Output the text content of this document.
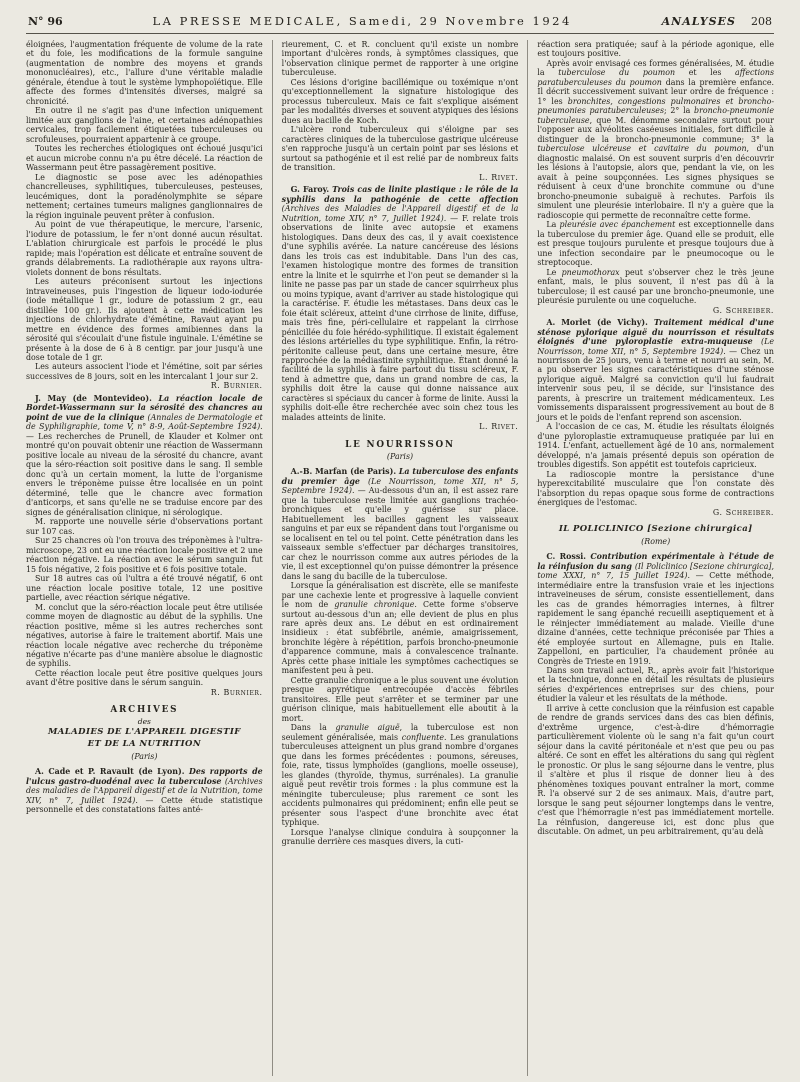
N° 96	LA PRESSE MEDICALE, Samedi, 29 Novembre 1924	ANALYSES 208

éloignées, l'augmentation fréquente de volume de la rate et du foie, les modifications de la formule sanguine (augmentation de nombre des moyens et grands mononucléaires), etc., l'allure d'une véritable maladie générale, étendue à tout le système lymphopoïétique. Elle affecte des formes d'intensités diverses, malgré sa chronicité.

En outre il ne s'agit pas d'une infection uniquement limitée aux ganglions de l'aine, et certaines adénopathies cervicales, trop facilement étiquetées tuberculeuses ou scrofuleuses, pourraient appartenir à ce groupe.

Toutes les recherches étiologiques ont échoué jusqu'ici et aucun microbe connu n'a pu être décelé. La réaction de Wassermann peut être passagèrement positive.

Le diagnostic se pose avec les adénopathies chancrelleuses, syphilitiques, tuberculeuses, pesteuses, leucémiques, dont la poradénolymphite se sépare nettement; certaines tumeurs malignes ganglionnaires de la région inguinale peuvent prêter à confusion.

Au point de vue thérapeutique, le mercure, l'arsenic, l'iodure de potassium, le fer n'ont donné aucun résultat. L'ablation chirurgicale est parfois le procédé le plus rapide; mais l'opération est délicate et entraîne souvent de grands délabrements. La radiothérapie aux rayons ultra-violets donnent de bons résultats.

Les auteurs préconisent surtout les injections intraveineuses, puis l'ingestion de liqueur iodo-iodurée (iode métallique 1 gr., iodure de potassium 2 gr., eau distillée 100 gr.). Ils ajoutent à cette médication les injections de chlorhydrate d'émétine, Ravaut ayant pu mettre en évidence des formes amibiennes dans la sérosité qui s'écoulait d'une fistule inguinale. L'émétine se présente à la dose de 6 à 8 centigr. par jour jusqu'à une dose totale de 1 gr.

Les auteurs associent l'iode et l'émétine, soit par séries successives de 8 jours, soit en les intercalant 1 jour sur 2.

R. Burnier.

J. May (de Montevideo). La réaction locale de Bordet-Wassermann sur la sérosité des chancres au point de vue de la clinique (Annales de Dermatologie et de Syphiligraphie, tome V, n° 8-9, Août-Septembre 1924). — Les recherches de Prunell, de Klauder et Kolmer ont montré qu'on pouvait obtenir une réaction de Wassermann positive locale au niveau de la sérosité du chancre, avant que la séro-réaction soit positive dans le sang. Il semble donc qu'à un certain moment, la lutte de l'organisme envers le tréponème puisse être localisée en un point déterminé, telle que le chancre avec formation d'anticorps, et sans qu'elle ne se traduise encore par des signes de généralisation clinique, ni sérologique.

M. rapporte une nouvelle série d'observations portant sur 107 cas.

Sur 25 chancres où l'on trouva des tréponèmes à l'ultra-microscope, 23 ont eu une réaction locale positive et 2 une réaction négative. La réaction avec le sérum sanguin fut 15 fois négative, 2 fois positive et 6 fois positive totale.

Sur 18 autres cas où l'ultra a été trouvé négatif, 6 ont une réaction locale positive totale, 12 une positive partielle, avec réaction sérique négative.

M. conclut que la séro-réaction locale peut être utilisée comme moyen de diagnostic au début de la syphilis. Une réaction positive, même si les autres recherches sont négatives, autorise à faire le traitement abortif. Mais une réaction locale négative avec recherche du tréponème négative n'écarte pas d'une manière absolue le diagnostic de syphilis.

Cette réaction locale peut être positive quelques jours avant d'être positive dans le sérum sanguin.

R. Burnier.

ARCHIVES
des
MALADIES DE L'APPAREIL DIGESTIF
ET DE LA NUTRITION
(Paris)

A. Cade et P. Ravault (de Lyon). Des rapports de l'ulcus gastro-duodénal avec la tuberculose (Archives des maladies de l'Appareil digestif et de la Nutrition, tome XIV, n° 7, Juillet 1924). — Cette étude statistique personnelle et des constatations faites anté-

rieurement, C. et R. concluent qu'il existe un nombre important d'ulcères ronds, à symptômes classiques, que l'observation clinique permet de rapporter à une origine tuberculeuse.

Ces lésions d'origine bacillémique ou toxémique n'ont qu'exceptionnellement la signature histologique des processus tuberculeux. Mais ce fait s'explique aisément par les modalités diverses et souvent atypiques des lésions dues au bacille de Koch.

L'ulcère rond tuberculeux qui s'éloigne par ses caractères cliniques de la tuberculose gastrique ulcéreuse s'en rapproche jusqu'à un certain point par ses lésions et surtout sa pathogénie et il est relié par de nombreux faits de transition.

L. Rivet.

G. Faroy. Trois cas de linite plastique : le rôle de la syphilis dans la pathogénie de cette affection (Archives des Maladies de l'Appareil digestif et de la Nutrition, tome XIV, n° 7, Juillet 1924). — F. relate trois observations de linite avec autopsie et examens histologiques. Dans deux des cas, il y avait coexistence d'une syphilis avérée. La nature cancéreuse des lésions dans les trois cas est indubitable. Dans l'un des cas, l'examen histologique montre des formes de transition entre la linite et le squirrhe et l'on peut se demander si la linite ne passe pas par un stade de cancer squirrheux plus ou moins typique, avant d'arriver au stade histologique qui la caractérise. F. étudie les métastases. Dans deux cas le foie était scléreux, atteint d'une cirrhose de linite, diffuse, mais très fine, péri-cellulaire et rappelant la cirrhose pénicillée du foie hérédo-syphilitique. Il existait également des lésions artérielles du type syphilitique. Enfin, la rétro-péritonite calleuse peut, dans une certaine mesure, être rapprochée de la médiastinite syphilitique. Étant donné la facilité de la syphilis à faire partout du tissu scléreux, F. tend à admettre que, dans un grand nombre de cas, la syphilis doit être la cause qui donne naissance aux caractères si spéciaux du cancer à forme de linite. Aussi la syphilis doit-elle être recherchée avec soin chez tous les malades atteints de linite.

L. Rivet.

LE NOURRISSON
(Paris)

A.-B. Marfan (de Paris). La tuberculose des enfants du premier âge (Le Nourrisson, tome XII, n° 5, Septembre 1924). — Au-dessous d'un an, il est assez rare que la tuberculose reste limitée aux ganglions trachéo-bronchiques et qu'elle y guérisse sur place. Habituellement les bacilles gagnent les vaisseaux sanguins et par eux se répandent dans tout l'organisme ou se localisent en tel ou tel point. Cette pénétration dans les vaisseaux semble s'effectuer par décharges transitoires, car chez le nourrisson comme aux autres périodes de la vie, il est exceptionnel qu'on puisse démontrer la présence dans le sang du bacille de la tuberculose.

Lorsque la généralisation est discrète, elle se manifeste par une cachexie lente et progressive à laquelle convient le nom de granulie chronique. Cette forme s'observe surtout au-dessous d'un an; elle devient de plus en plus rare après deux ans. Le début en est ordinairement insidieux : état subfébrile, anémie, amaigrissement, bronchite légère à répétition, parfois broncho-pneumonie d'apparence commune, mais à convalescence traînante. Après cette phase initiale les symptômes cachectiques se manifestent peu à peu.

Cette granulie chronique a le plus souvent une évolution presque apyrétique entrecoupée d'accès fébriles transitoires. Elle peut s'arrêter et se terminer par une guérison clinique, mais habituellement elle aboutit à la mort.

Dans la granulie aiguë, la tuberculose est non seulement généralisée, mais confluente. Les granulations tuberculeuses atteignent un plus grand nombre d'organes que dans les formes précédentes : poumons, séreuses, foie, rate, tissus lymphoïdes (ganglions, moelle osseuse), les glandes (thyroïde, thymus, surrénales). La granulie aiguë peut revêtir trois formes : la plus commune est la méningite tuberculeuse; plus rarement ce sont les accidents pulmonaires qui prédominent; enfin elle peut se présenter sous l'aspect d'une bronchite avec état typhique.

Lorsque l'analyse clinique conduira à soupçonner la granulie derrière ces masques divers, la cuti-

réaction sera pratiquée; sauf à la période agonique, elle est toujours positive.

Après avoir envisagé ces formes généralisées, M. étudie la tuberculose du poumon et les affections paratuberculeuses du poumon dans la première enfance. Il décrit successivement suivant leur ordre de fréquence : 1° les bronchites, congestions pulmonaires et broncho-pneumonies paratuberculeuses; 2° la broncho-pneumonie tuberculeuse, que M. dénomme secondaire surtout pour l'opposer aux alvéolites caséeuses initiales, fort difficile à distinguer de la broncho-pneumonie commune; 3° la tuberculose ulcéreuse et cavitaire du poumon, d'un diagnostic malaisé. On est souvent surpris d'en découvrir les lésions à l'autopsie, alors que, pendant la vie, on les avait à peine soupçonnées. Les signes physiques se réduisent à ceux d'une bronchite commune ou d'une broncho-pneumonie subaiguë à rechutes. Parfois ils simulent une pleurésie interlobaire. Il n'y a guère que la radioscopie qui permette de reconnaître cette forme.

La pleurésie avec épanchement est exceptionnelle dans la tuberculose du premier âge. Quand elle se produit, elle est presque toujours purulente et presque toujours due à une infection secondaire par le pneumocoque ou le streptocoque.

Le pneumothorax peut s'observer chez le très jeune enfant, mais, le plus souvent, il n'est pas dû à la tuberculose; il est causé par une broncho-pneumonie, une pleurésie purulente ou une coqueluche.

G. Schreiber.

A. Morlet (de Vichy). Traitement médical d'une sténose pylorique aiguë du nourrisson et résultats éloignés d'une pyloroplastie extra-muqueuse (Le Nourrisson, tome XII, n° 5, Septembre 1924). — Chez un nourrisson de 25 jours, venu à terme et nourri au sein, M. a pu observer les signes caractéristiques d'une sténose pylorique aiguë. Malgré sa conviction qu'il lui faudrait intervenir sous peu, il se décide, sur l'insistance des parents, à prescrire un traitement médicamenteux. Les vomissements disparaissent progressivement au bout de 8 jours et le poids de l'enfant reprend son ascension.

A l'occasion de ce cas, M. étudie les résultats éloignés d'une pyloroplastie extramuqueuse pratiquée par lui en 1914. L'enfant, actuellement âgé de 10 ans, normalement développé, n'a jamais présenté depuis son opération de troubles digestifs. Son appétit est toutefois capricieux.

La radioscopie montre la persistance d'une hyperexcitabilité musculaire que l'on constate dès l'absorption du repas opaque sous forme de contractions énergiques de l'estomac.

G. Schreiber.

IL POLICLINICO [Sezione chirurgica]
(Rome)

C. Rossi. Contribution expérimentale à l'étude de la réinfusion du sang (Il Policlinico [Sezione chirurgica], tome XXXI, n° 7, 15 Juillet 1924). — Cette méthode, intermédiaire entre la transfusion vraie et les injections intraveineuses de sérum, consiste essentiellement, dans les cas de grandes hémorragies internes, à filtrer rapidement le sang épanché recueilli aseptiquement et à le réinjecter immédiatement au malade. Vieille d'une dizaine d'années, cette technique préconisée par Thies a été employée surtout en Allemagne, puis en Italie. Zappelloni, en particulier, l'a chaudement prônée au Congrès de Trieste en 1919.

Dans son travail actuel, R., après avoir fait l'historique et la technique, donne en détail les résultats de plusieurs séries d'expériences entreprises sur des chiens, pour étudier la valeur et les résultats de la méthode.

Il arrive à cette conclusion que la réinfusion est capable de rendre de grands services dans des cas bien définis, d'extrême urgence, c'est-à-dire d'hémorragie particulièrement violente où le sang n'a fait qu'un court séjour dans la cavité péritonéale et n'est que peu ou pas altéré. Ce sont en effet les altérations du sang qui règlent le pronostic. Or plus le sang séjourne dans le ventre, plus il s'altère et plus il risque de donner lieu à des phénomènes toxiques pouvant entraîner la mort, comme R. l'a observé sur 2 de ses animaux. Mais, d'autre part, lorsque le sang peut séjourner longtemps dans le ventre, c'est que l'hémorragie n'est pas immédiatement mortelle. La réinfusion, dangereuse ici, est donc plus que discutable. On admet, un peu arbitrairement, qu'au delà
